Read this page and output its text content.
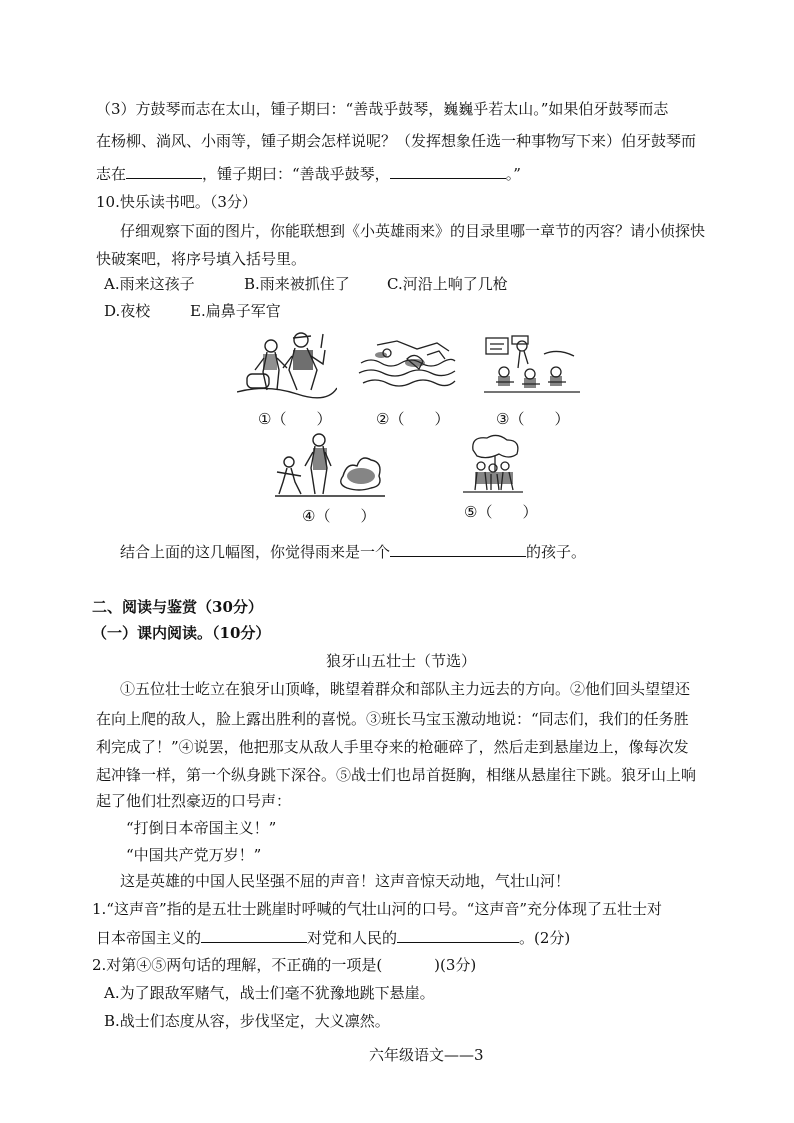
（3）方鼓琴而志在太山，锺子期曰：“善哉乎鼓琴，巍巍乎若太山。”如果伯牙鼓琴而志
在杨柳、淌风、小雨等，锺子期会怎样说呢？（发挥想象任选一种事物写下来）伯牙鼓琴而
志在	，锺子期曰：“善哉乎鼓琴，	。”
10.快乐读书吧。（3分）
仔细观察下面的图片，你能联想到《小英雄雨来》的目录里哪一章节的丙容？请小侦探快
快破案吧，将序号填入括号里。
A.雨来这孩子	B.雨来被抓住了 C.河沿上响了几枪
D.夜校	E.扁鼻子军官
①（　　）	②（　　）	③（　　）
④（　　）	⑤（　　）
结合上面的这几幅图，你觉得雨来是一个	的孩子。
二、阅读与鉴赏（30分）
（一）课内阅读。（10分）
狼牙山五壮士（节选）
①五位壮士屹立在狼牙山顶峰，眺望着群众和部队主力远去的方向。②他们回头望望还
在向上爬的敌人，脸上露出胜利的喜悦。③班长马宝玉激动地说：“同志们，我们的任务胜
利完成了！”④说罢，他把那支从敌人手里夺来的枪砸碎了，然后走到悬崖边上，像每次发
起冲锋一样，第一个纵身跳下深谷。⑤战士们也昂首挺胸，相继从悬崖往下跳。狼牙山上响
起了他们壮烈豪迈的口号声：
“打倒日本帝国主义！”
“中国共产党万岁！”
这是英雄的中国人民坚强不屈的声音！这声音惊天动地，气壮山河！
1.“这声音”指的是五壮士跳崖时呼喊的气壮山河的口号。“这声音”充分体现了五壮士对
日本帝国主义的	对党和人民的	。(2分)
2.对第④⑤两句话的理解，不正确的一项是(	)(3分)
A.为了跟敌军赌气，战士们毫不犹豫地跳下悬崖。
B.战士们态度从容，步伐坚定，大义凛然。
六年级语文——3
